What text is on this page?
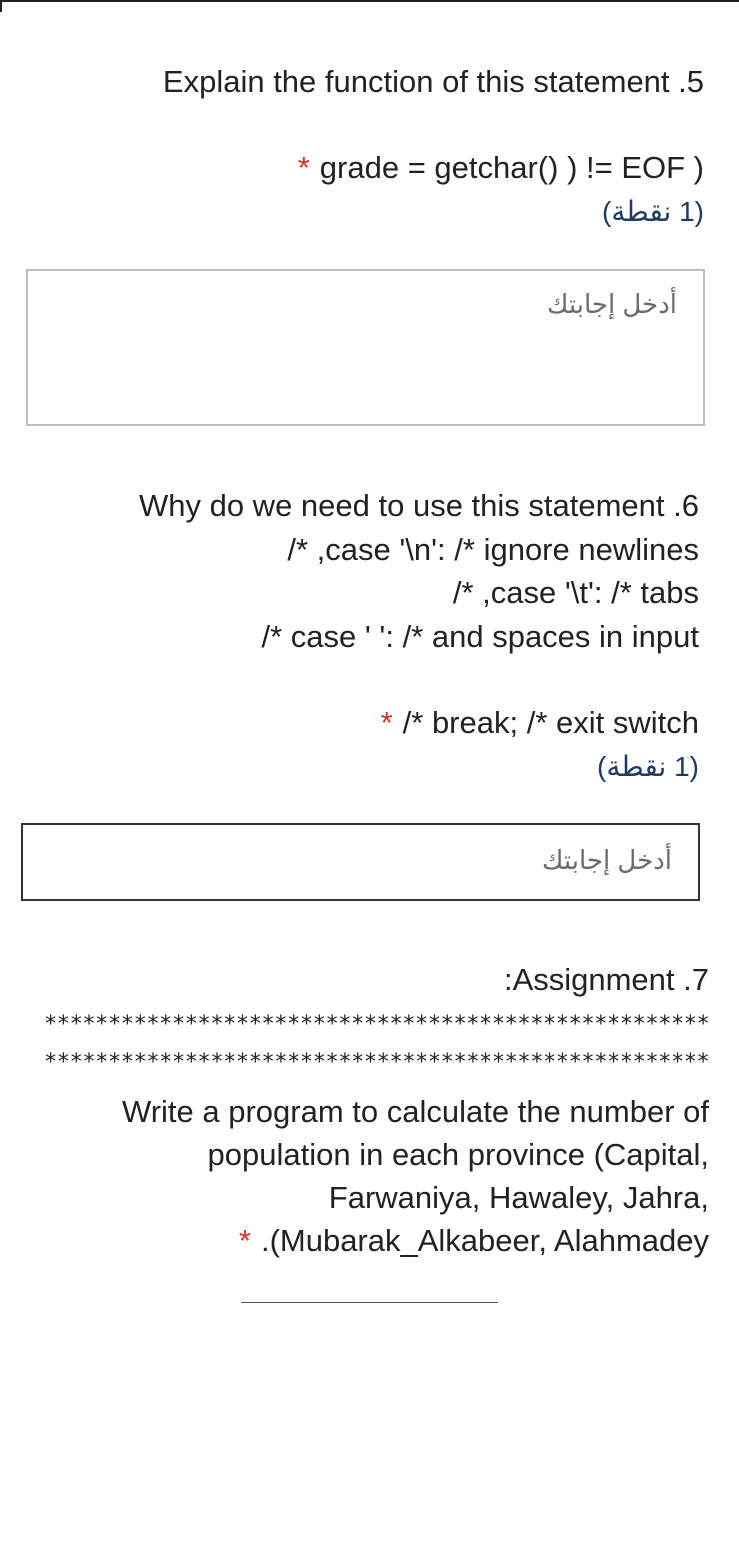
Explain the function of this statement .5
* grade = getchar() ) != EOF )
(1 نقطة)
أدخل إجابتك
Why do we need to use this statement .6
/* ,case '\n': /* ignore newlines
/* ,case '\t': /* tabs
/* case ' ': /* and spaces in input
* /* break; /* exit switch
(1 نقطة)
أدخل إجابتك
:Assignment .7
****************************************************
****************************************************
Write a program to calculate the number of
population in each province (Capital,
Farwaniya, Hawaley, Jahra,
* .(Mubarak_Alkabeer, Alahmadey
